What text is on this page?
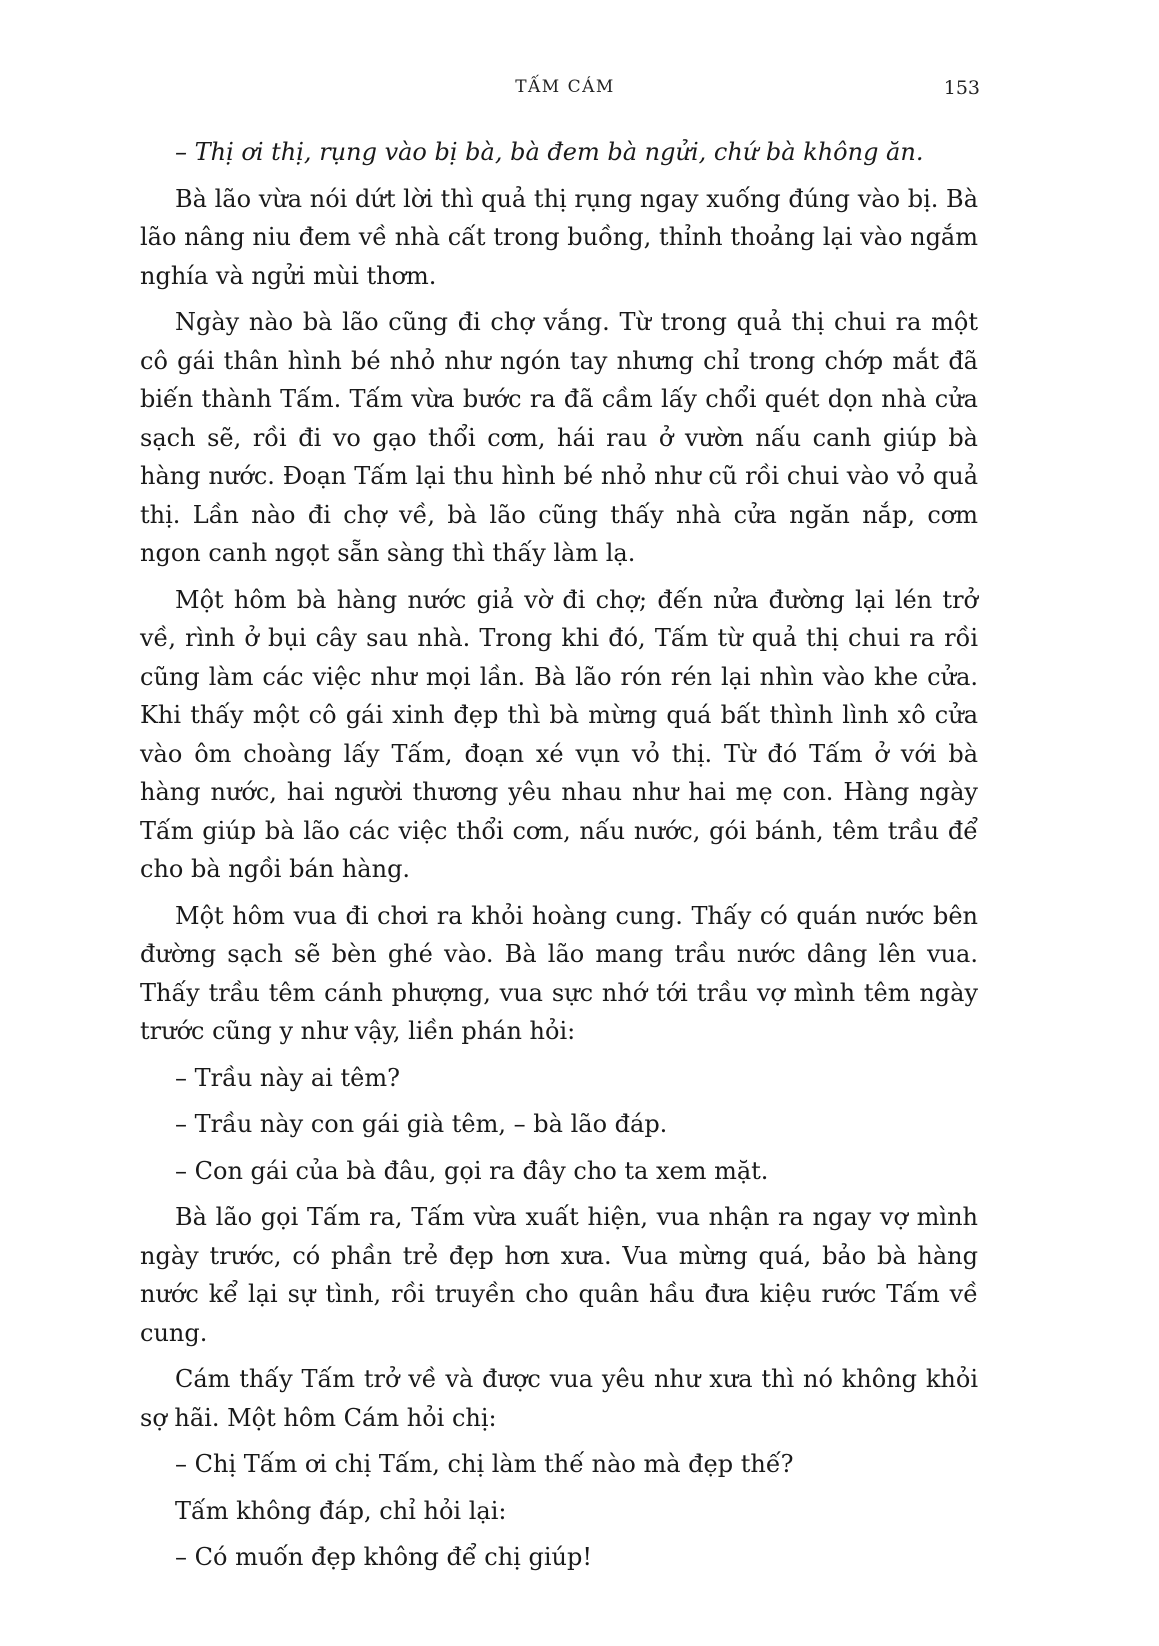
TẤM CÁM	153

– Thị ơi thị, rụng vào bị bà, bà đem bà ngửi, chứ bà không ăn.

Bà lão vừa nói dứt lời thì quả thị rụng ngay xuống đúng vào bị. Bà lão nâng niu đem về nhà cất trong buồng, thỉnh thoảng lại vào ngắm nghía và ngửi mùi thơm.

Ngày nào bà lão cũng đi chợ vắng. Từ trong quả thị chui ra một cô gái thân hình bé nhỏ như ngón tay nhưng chỉ trong chớp mắt đã biến thành Tấm. Tấm vừa bước ra đã cầm lấy chổi quét dọn nhà cửa sạch sẽ, rồi đi vo gạo thổi cơm, hái rau ở vườn nấu canh giúp bà hàng nước. Đoạn Tấm lại thu hình bé nhỏ như cũ rồi chui vào vỏ quả thị. Lần nào đi chợ về, bà lão cũng thấy nhà cửa ngăn nắp, cơm ngon canh ngọt sẵn sàng thì thấy làm lạ.

Một hôm bà hàng nước giả vờ đi chợ; đến nửa đường lại lén trở về, rình ở bụi cây sau nhà. Trong khi đó, Tấm từ quả thị chui ra rồi cũng làm các việc như mọi lần. Bà lão rón rén lại nhìn vào khe cửa. Khi thấy một cô gái xinh đẹp thì bà mừng quá bất thình lình xô cửa vào ôm choàng lấy Tấm, đoạn xé vụn vỏ thị. Từ đó Tấm ở với bà hàng nước, hai người thương yêu nhau như hai mẹ con. Hàng ngày Tấm giúp bà lão các việc thổi cơm, nấu nước, gói bánh, têm trầu để cho bà ngồi bán hàng.

Một hôm vua đi chơi ra khỏi hoàng cung. Thấy có quán nước bên đường sạch sẽ bèn ghé vào. Bà lão mang trầu nước dâng lên vua. Thấy trầu têm cánh phượng, vua sực nhớ tới trầu vợ mình têm ngày trước cũng y như vậy, liền phán hỏi:

– Trầu này ai têm?

– Trầu này con gái già têm, – bà lão đáp.

– Con gái của bà đâu, gọi ra đây cho ta xem mặt.

Bà lão gọi Tấm ra, Tấm vừa xuất hiện, vua nhận ra ngay vợ mình ngày trước, có phần trẻ đẹp hơn xưa. Vua mừng quá, bảo bà hàng nước kể lại sự tình, rồi truyền cho quân hầu đưa kiệu rước Tấm về cung.

Cám thấy Tấm trở về và được vua yêu như xưa thì nó không khỏi sợ hãi. Một hôm Cám hỏi chị:

– Chị Tấm ơi chị Tấm, chị làm thế nào mà đẹp thế?

Tấm không đáp, chỉ hỏi lại:

– Có muốn đẹp không để chị giúp!
